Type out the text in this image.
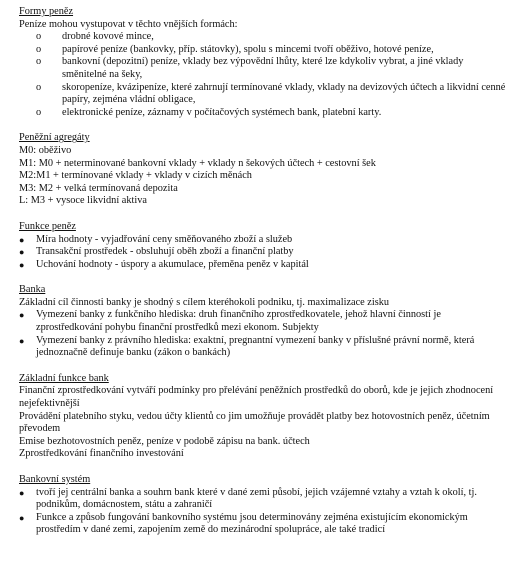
Formy peněz

Peníze mohou vystupovat v těchto vnějších formách:

o	drobné kovové mince,
o	papírové peníze (bankovky, příp. státovky), spolu s mincemi tvoří oběživo, hotové peníze,
o	bankovní (depozitní) peníze, vklady bez výpovědní lhůty, které lze kdykoliv vybrat, a jiné vklady směnitelné na šeky,
o	skoropeníze, kvázipeníze, které zahrnují termínované vklady, vklady na devizových účtech a likvidní cenné papíry, zejména vládní obligace,
o	elektronické peníze, záznamy v počítačových systémech bank, platební karty.
Peněžní agregáty

M0: oběživo

M1: M0 + neterminované bankovní vklady + vklady n šekových účtech + cestovní šek

M2:M1 + termínované vklady + vklady v cizích měnách

M3: M2 + velká termínovaná depozita

L: M3 + vysoce likvidní aktiva

Funkce peněz
●	Míra hodnoty - vyjadřování ceny směňovaného zboží a služeb
●	Transakční prostředek - obsluhují oběh zboží a finanční platby
●	Uchování hodnoty - úspory a akumulace, přeměna peněz v kapitál
Banka

Základní cíl činnosti banky je shodný s cílem kteréhokoli podniku, tj. maximalizace zisku

●	Vymezení banky z funkčního hlediska: druh finančního zprostředkovatele, jehož hlavní činností je zprostředkování pohybu finanční prostředků mezi ekonom. Subjekty
●	Vymezení banky z právního hlediska: exaktní, pregnantní vymezení banky v příslušné právní normě, která jednoznačně definuje banku (zákon o bankách)
Základní funkce bank

Finanční zprostředkování vytváří podmínky pro přelévání peněžních prostředků do oborů, kde je jejich zhodnocení nejefektivnější

Provádění platebního styku, vedou účty klientů co jim umožňuje provádět platby bez hotovostních peněz, účetním převodem

Emise bezhotovostních peněz, peníze v podobě zápisu na bank. účtech

Zprostředkování finančního investování

Bankovní systém
●	tvoří jej centrální banka a souhrn bank které v dané zemi působí, jejich vzájemné vztahy a vztah k okolí, tj. podnikům, domácnostem, státu a zahraničí
●	Funkce a způsob fungování bankovního systému jsou determinovány zejména existujícím ekonomickým prostředím v dané zemi, zapojením země do mezinárodní spolupráce, ale také tradicí
